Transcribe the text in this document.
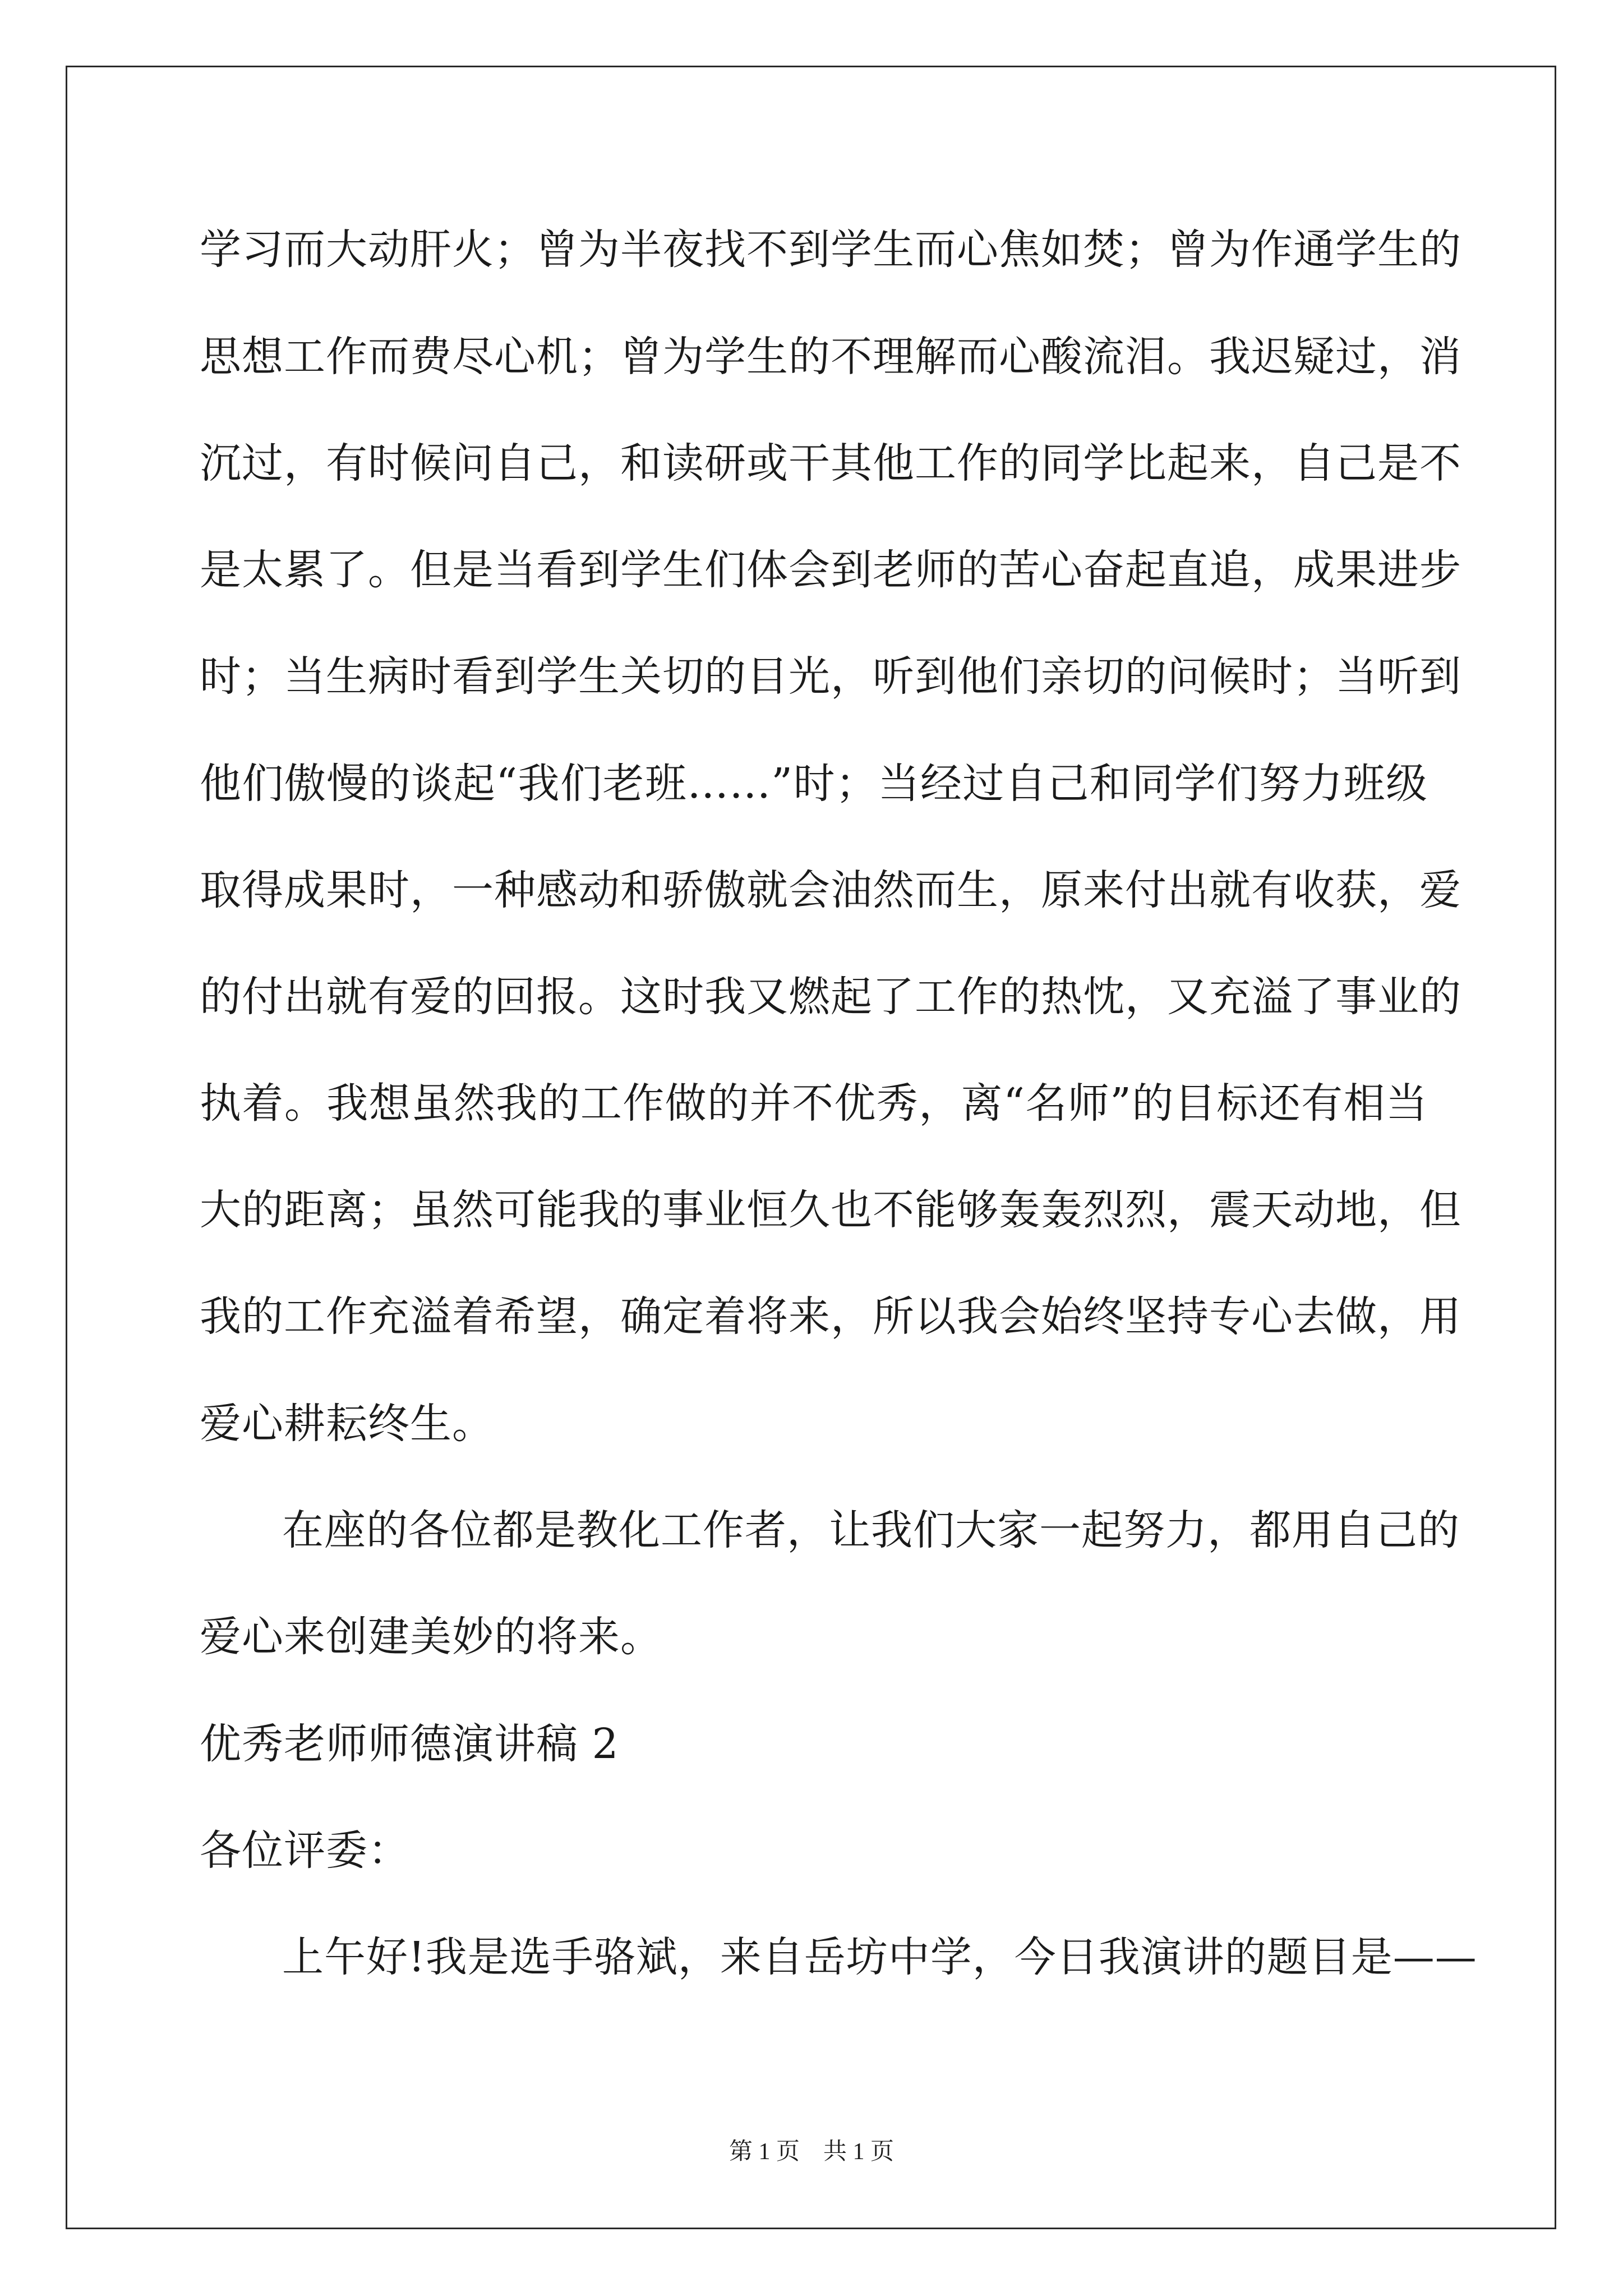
学习而大动肝火；曾为半夜找不到学生而心焦如焚；曾为作通学生的
思想工作而费尽心机；曾为学生的不理解而心酸流泪。我迟疑过，消
沉过，有时候问自己，和读研或干其他工作的同学比起来，自己是不
是太累了。但是当看到学生们体会到老师的苦心奋起直追，成果进步
时；当生病时看到学生关切的目光，听到他们亲切的问候时；当听到
他们傲慢的谈起“我们老班……”时；当经过自己和同学们努力班级
取得成果时，一种感动和骄傲就会油然而生，原来付出就有收获，爱
的付出就有爱的回报。这时我又燃起了工作的热忱，又充溢了事业的
执着。我想虽然我的工作做的并不优秀，离“名师”的目标还有相当
大的距离；虽然可能我的事业恒久也不能够轰轰烈烈，震天动地，但
我的工作充溢着希望，确定着将来，所以我会始终坚持专心去做，用
爱心耕耘终生。
在座的各位都是教化工作者，让我们大家一起努力，都用自己的
爱心来创建美妙的将来。
优秀老师师德演讲稿 2
各位评委：
上午好!我是选手骆斌，来自岳坊中学，今日我演讲的题目是——
第 1 页　共 1 页
